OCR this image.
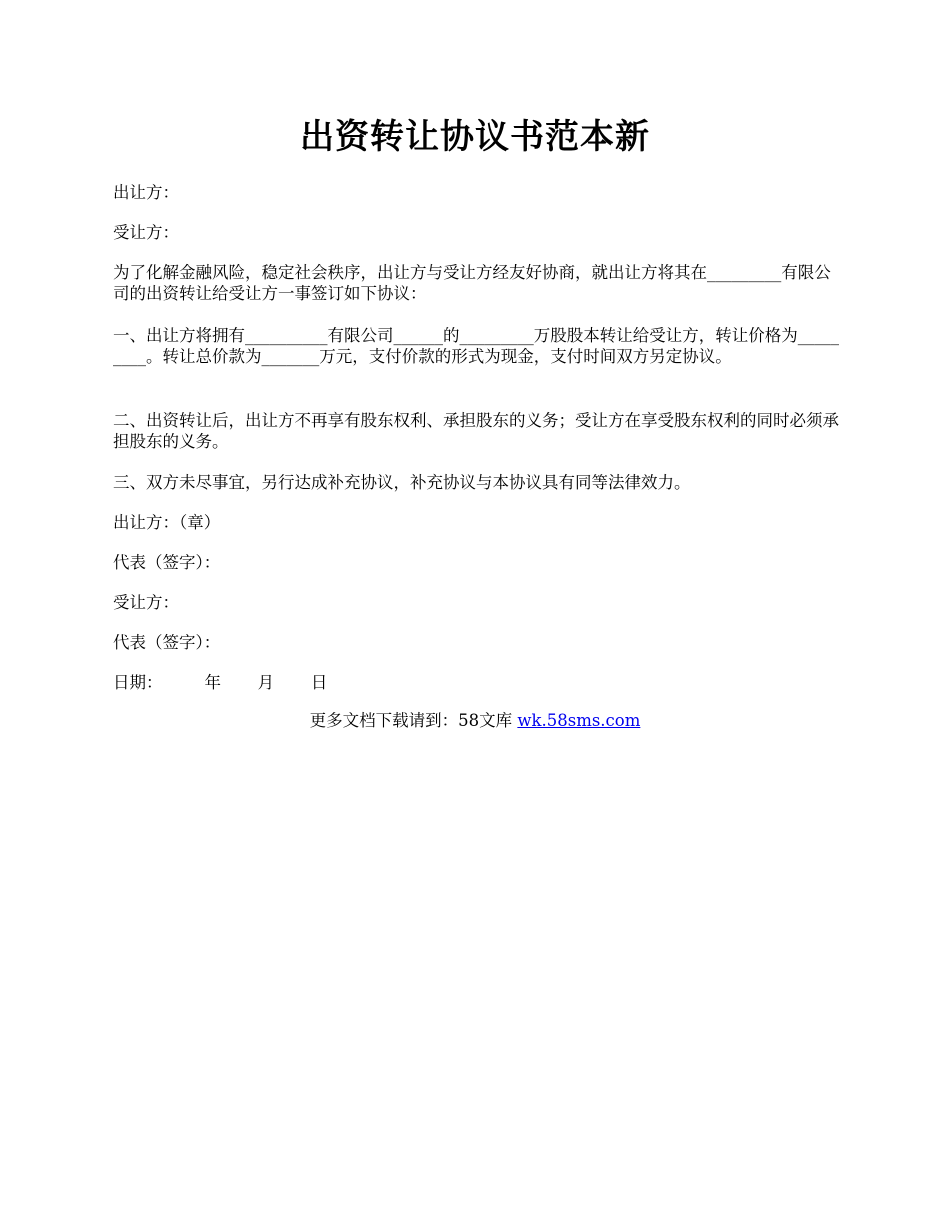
出资转让协议书范本新
出让方：
受让方：
为了化解金融风险，稳定社会秩序，出让方与受让方经友好协商，就出让方将其在_________有限公司的出资转让给受让方一事签订如下协议：
一、出让方将拥有__________有限公司______的_________万股股本转让给受让方，转让价格为_________。转让总价款为_______万元，支付价款的形式为现金，支付时间双方另定协议。
二、出资转让后，出让方不再享有股东权利、承担股东的义务；受让方在享受股东权利的同时必须承担股东的义务。
三、双方未尽事宜，另行达成补充协议，补充协议与本协议具有同等法律效力。
出让方：（章）
代表（签字）：
受让方：
代表（签字）：
日期：        年       月       日
更多文档下载请到：58文库 wk.58sms.com
